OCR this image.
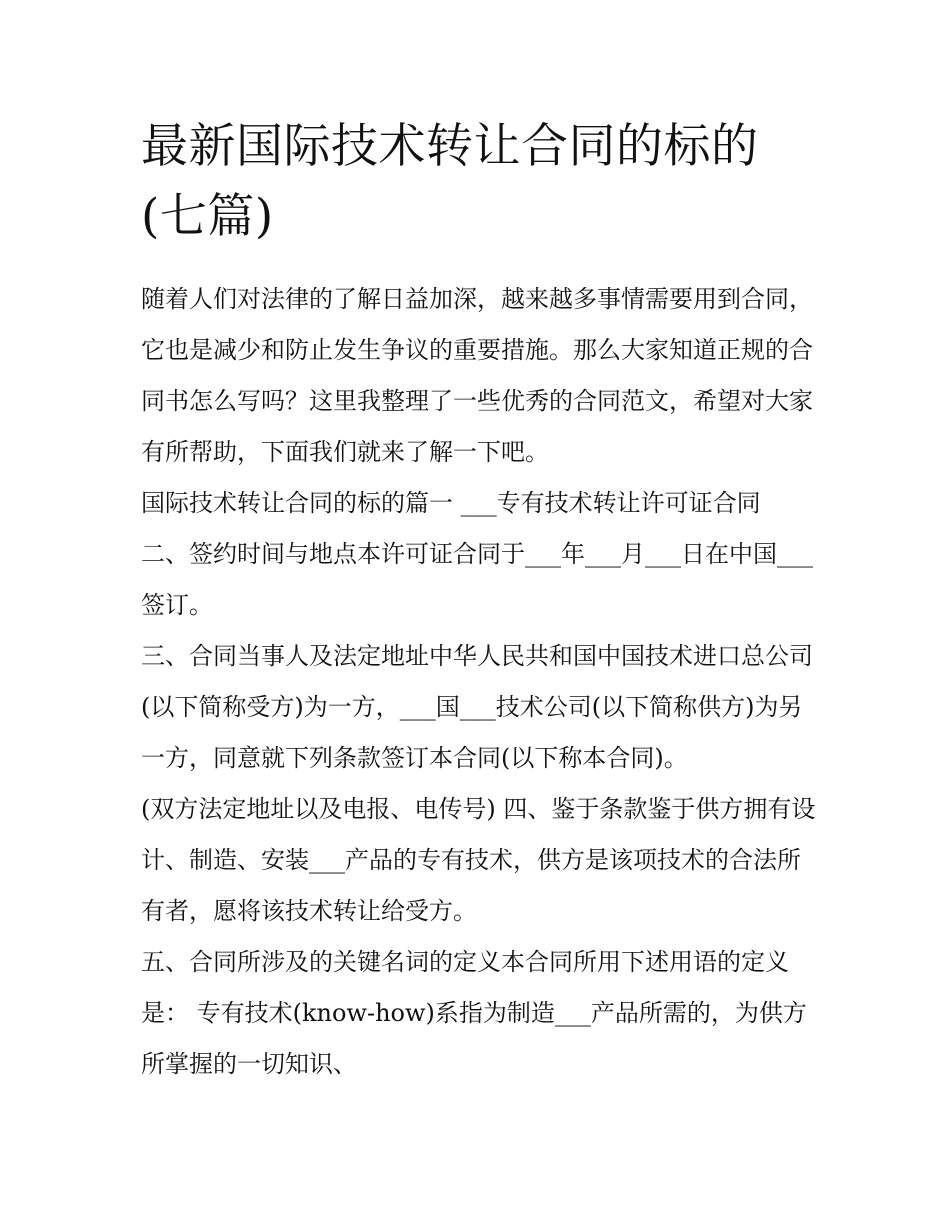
最新国际技术转让合同的标的(七篇)

随着人们对法律的了解日益加深，越来越多事情需要用到合同，它也是减少和防止发生争议的重要措施。那么大家知道正规的合同书怎么写吗？这里我整理了一些优秀的合同范文，希望对大家有所帮助，下面我们就来了解一下吧。

国际技术转让合同的标的篇一 ___专有技术转让许可证合同

二、签约时间与地点本许可证合同于___年___月___日在中国___签订。

三、合同当事人及法定地址中华人民共和国中国技术进口总公司(以下简称受方)为一方，___国___技术公司(以下简称供方)为另一方，同意就下列条款签订本合同(以下称本合同)。

(双方法定地址以及电报、电传号) 四、鉴于条款鉴于供方拥有设计、制造、安装___产品的专有技术，供方是该项技术的合法所有者，愿将该技术转让给受方。

五、合同所涉及的关键名词的定义本合同所用下述用语的定义是： 专有技术(know-how)系指为制造___产品所需的，为供方所掌握的一切知识、
